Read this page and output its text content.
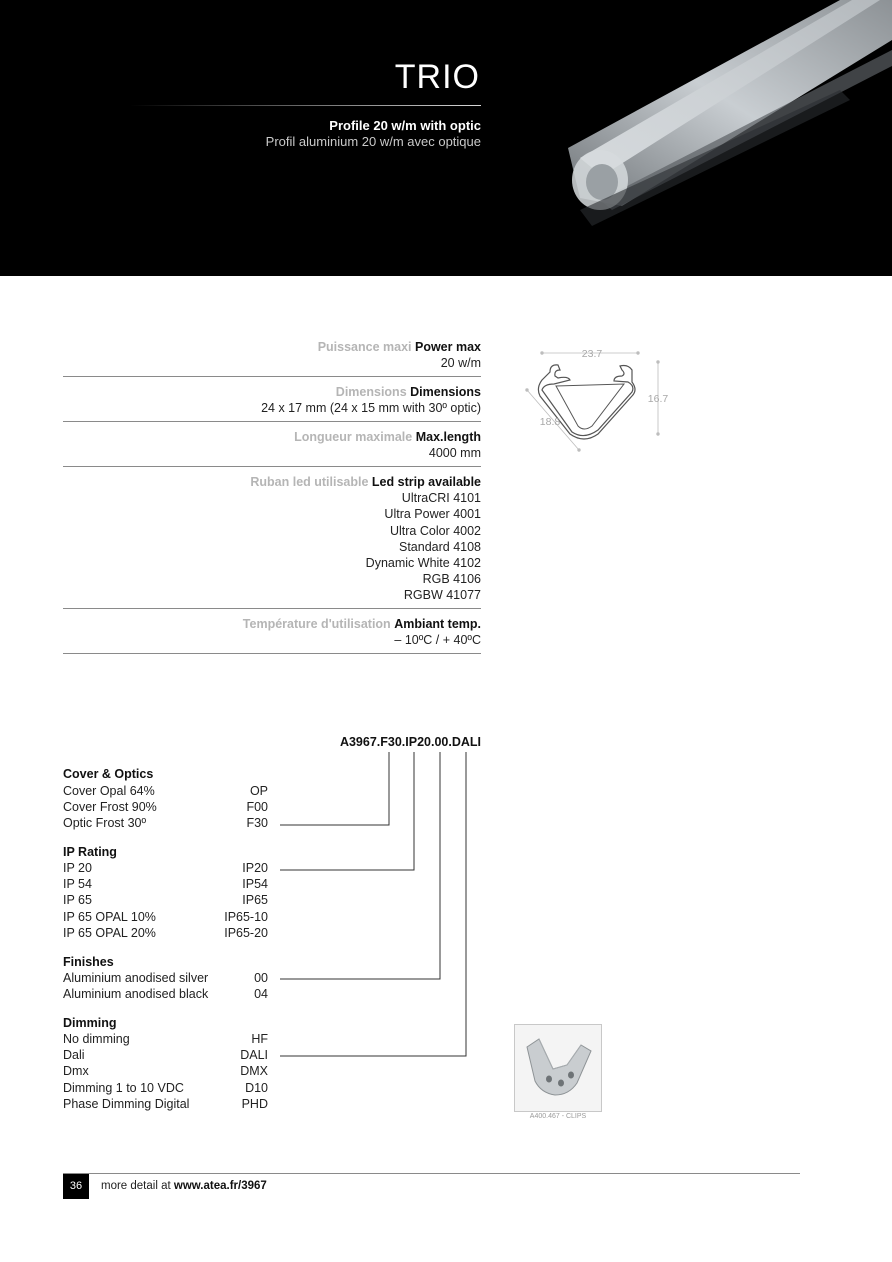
TRIO
Profile 20 w/m with optic
Profil aluminium 20 w/m avec optique
Puissance maxi Power max
20 w/m
Dimensions Dimensions
24 x 17 mm (24 x 15 mm with 30º optic)
Longueur maximale Max.length
4000 mm
Ruban led utilisable Led strip available
UltraCRI 4101
Ultra Power 4001
Ultra Color 4002
Standard 4108
Dynamic White 4102
RGB 4106
RGBW 41077
Température d'utilisation Ambiant temp.
– 10ºC / + 40ºC
23.7
16.7
18.8
A3967.F30.IP20.00.DALI
Cover & Optics
Cover Opal 64%	OP
Cover Frost 90%	F00
Optic Frost 30º	F30
IP Rating
IP 20	IP20
IP 54	IP54
IP 65	IP65
IP 65 OPAL 10%	IP65-10
IP 65 OPAL 20%	IP65-20
Finishes
Aluminium anodised silver	00
Aluminium anodised black	04
Dimming
No dimming	HF
Dali	DALI
Dmx	DMX
Dimming 1 to 10 VDC	D10
Phase Dimming Digital	PHD
A400.467 - CLIPS
36	more detail at www.atea.fr/3967
